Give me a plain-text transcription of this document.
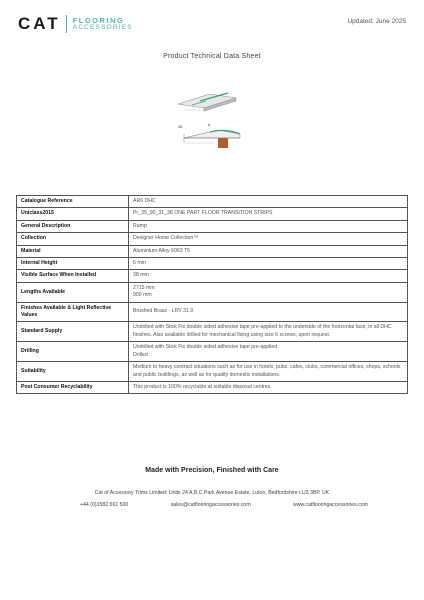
CAT FLOORING
ACCESSORIES
Updated: June 2025
Product Technical Data Sheet
38	6
Catalogue Reference	AR6 DHC
Uniclass2015	Pr_35_90_31_38 ONE PART FLOOR TRANSITION STRIPS
General Description	Ramp
Collection	Designer Home Collection™
Material	Aluminium Alloy 6063 T5
Internal Height	6 mm
Visible Surface When Installed	38 mm
Lengths Available	2715 mm
900 mm

Finishes Available & Light Reflective Values	Brushed Brass - LRV 31.9
Standard Supply	Undrilled with Stick Fix double sided adhesive tape pre-applied to the underside of the horizontal face, in all DHC finishes. Also available drilled for mechanical fixing using size 6 screws, upon request.
Drilling	Undrilled with Stick Fix double sided adhesive tape pre-applied
Drilled

Suitability	Medium to heavy contract situations such as for use in hotels, pubs, cafes, clubs, commercial offices, shops, schools and public buildings, as well as for quality domestic installations.
Post Consumer Recyclability	This product is 100% recyclable at suitable disposal centres.
Made with Precision, Finished with Care
Cat of Accessory Trims Limited: Units 24 A,B,C Park Avenue Estate, Luton, Bedfordshire LU3 3BP, UK
+44 (0)1582 561 500	sales@catflooringaccessories.com	www.catflooringaccessories.com
